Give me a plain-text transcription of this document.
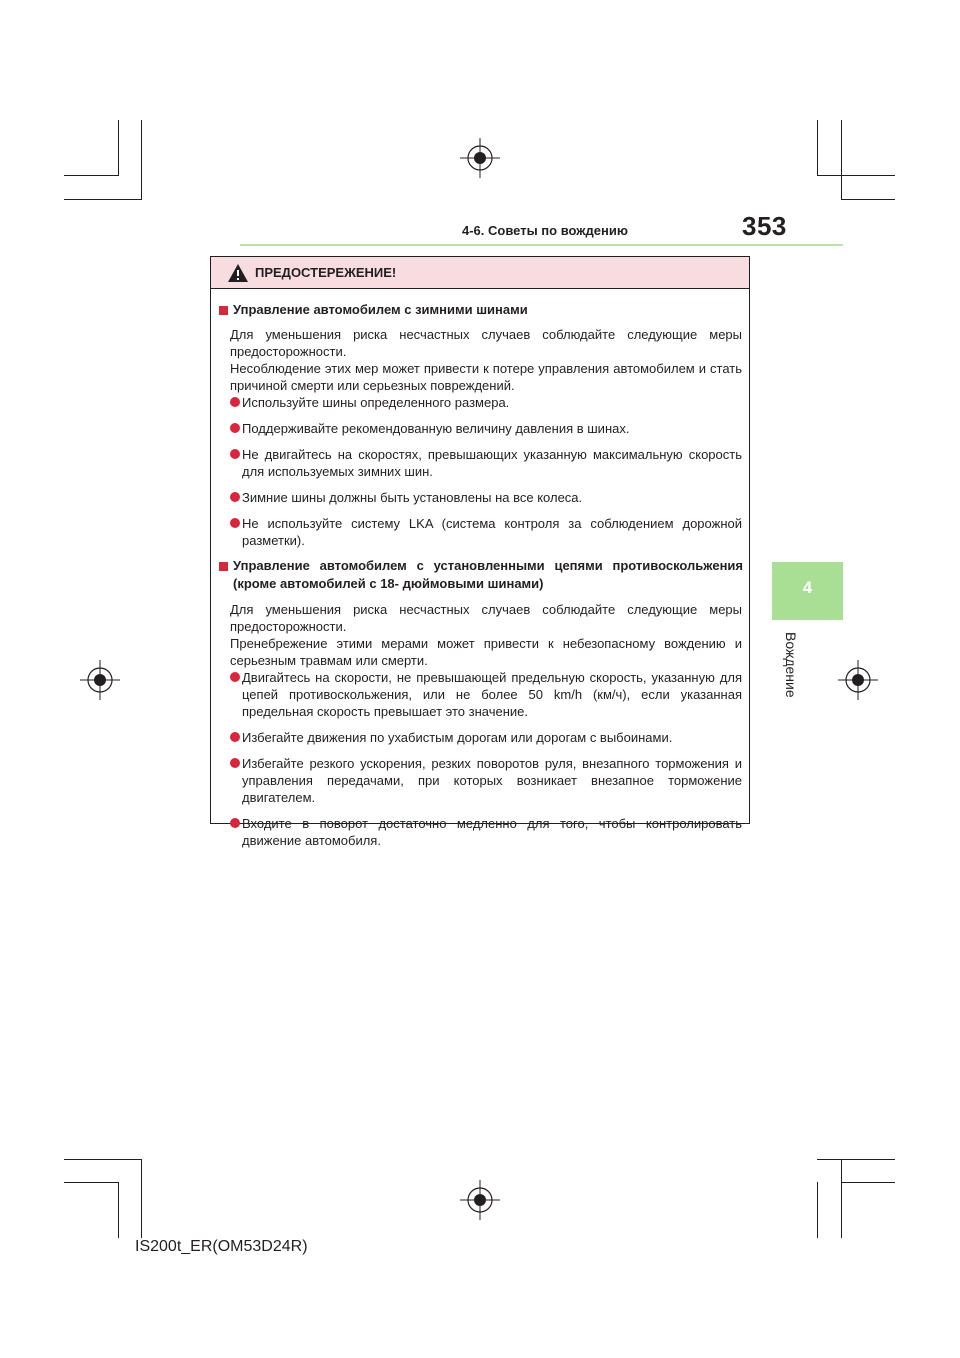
4-6. Советы по вождению	353
4
Вождение
ПРЕДОСТЕРЕЖЕНИЕ!
Управление автомобилем с зимними шинами
Для уменьшения риска несчастных случаев соблюдайте следующие меры предосторожности.
Несоблюдение этих мер может привести к потере управления автомобилем и стать причиной смерти или серьезных повреждений.
Используйте шины определенного размера.
Поддерживайте рекомендованную величину давления в шинах.
Не двигайтесь на скоростях, превышающих указанную максимальную скорость для используемых зимних шин.
Зимние шины должны быть установлены на все колеса.
Не используйте систему LKA (система контроля за соблюдением дорожной разметки).
Управление автомобилем с установленными цепями противоскольжения (кроме автомобилей с 18- дюймовыми шинами)
Для уменьшения риска несчастных случаев соблюдайте следующие меры предосторожности.
Пренебрежение этими мерами может привести к небезопасному вождению и серьезным травмам или смерти.
Двигайтесь на скорости, не превышающей предельную скорость, указанную для цепей противоскольжения, или не более 50 km/h (км/ч), если указанная предельная скорость превышает это значение.
Избегайте движения по ухабистым дорогам или дорогам с выбоинами.
Избегайте резкого ускорения, резких поворотов руля, внезапного торможения и управления передачами, при которых возникает внезапное торможение двигателем.
Входите в поворот достаточно медленно для того, чтобы контролировать движение автомобиля.
IS200t_ER(OM53D24R)
